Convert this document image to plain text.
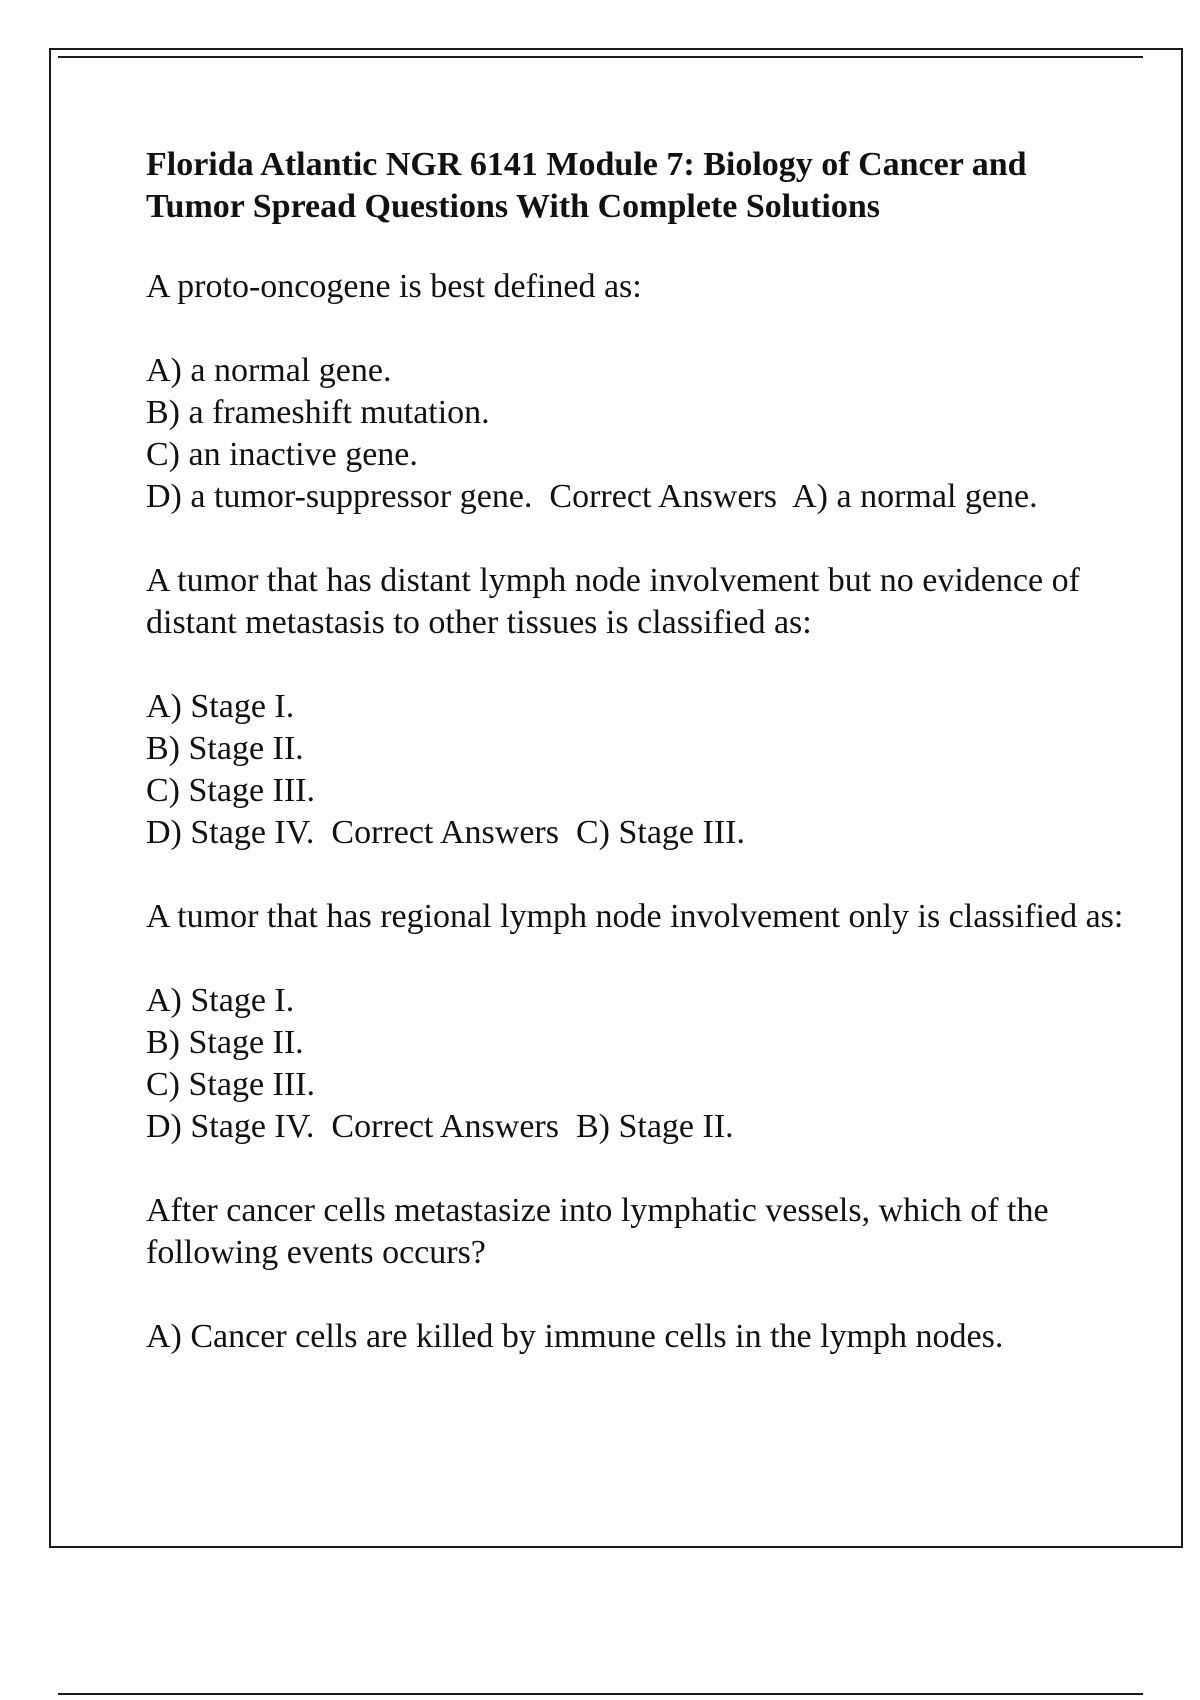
Florida Atlantic NGR 6141 Module 7: Biology of Cancer and Tumor Spread Questions With Complete Solutions

A proto-oncogene is best defined as:

A) a normal gene.
B) a frameshift mutation.
C) an inactive gene.
D) a tumor-suppressor gene.  Correct Answers  A) a normal gene.

A tumor that has distant lymph node involvement but no evidence of distant metastasis to other tissues is classified as:

A) Stage I.
B) Stage II.
C) Stage III.
D) Stage IV.  Correct Answers  C) Stage III.

A tumor that has regional lymph node involvement only is classified as:

A) Stage I.
B) Stage II.
C) Stage III.
D) Stage IV.  Correct Answers  B) Stage II.

After cancer cells metastasize into lymphatic vessels, which of the following events occurs?

A) Cancer cells are killed by immune cells in the lymph nodes.
